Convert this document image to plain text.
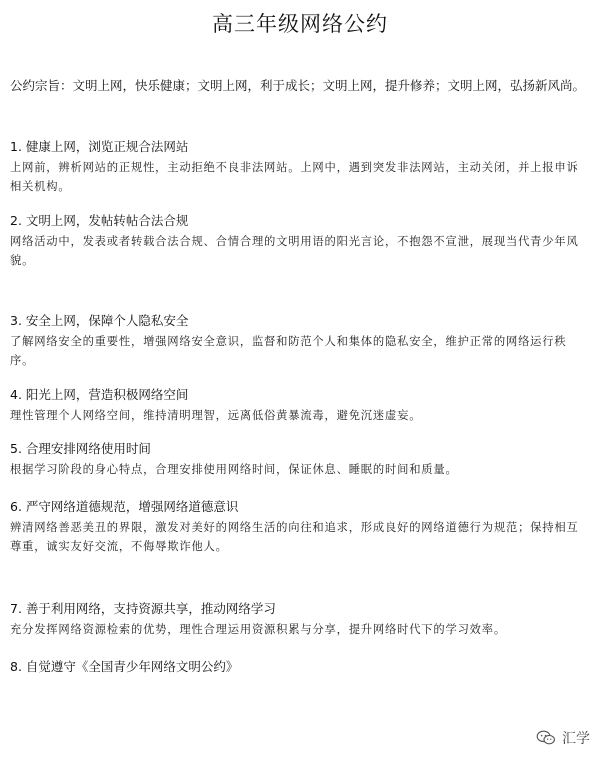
高三年级网络公约
公约宗旨：文明上网，快乐健康；文明上网，利于成长；文明上网，提升修养；文明上网，弘扬新风尚。
1. 健康上网，浏览正规合法网站
上网前，辨析网站的正规性，主动拒绝不良非法网站。上网中，遇到突发非法网站，主动关闭，并上报申诉相关机构。
2. 文明上网，发帖转帖合法合规
网络活动中，发表或者转载合法合规、合情合理的文明用语的阳光言论，不抱怨不宣泄，展现当代青少年风貌。
3. 安全上网，保障个人隐私安全
了解网络安全的重要性，增强网络安全意识，监督和防范个人和集体的隐私安全，维护正常的网络运行秩序。
4. 阳光上网，营造积极网络空间
理性管理个人网络空间，维持清明理智，远离低俗黄暴流毒，避免沉迷虚妄。
5. 合理安排网络使用时间
根据学习阶段的身心特点，合理安排使用网络时间，保证休息、睡眠的时间和质量。
6. 严守网络道德规范，增强网络道德意识
辨清网络善恶美丑的界限，激发对美好的网络生活的向往和追求，形成良好的网络道德行为规范；保持相互尊重，诚实友好交流，不侮辱欺诈他人。
7. 善于利用网络，支持资源共享，推动网络学习
充分发挥网络资源检索的优势，理性合理运用资源积累与分享，提升网络时代下的学习效率。
8. 自觉遵守《全国青少年网络文明公约》
汇学
